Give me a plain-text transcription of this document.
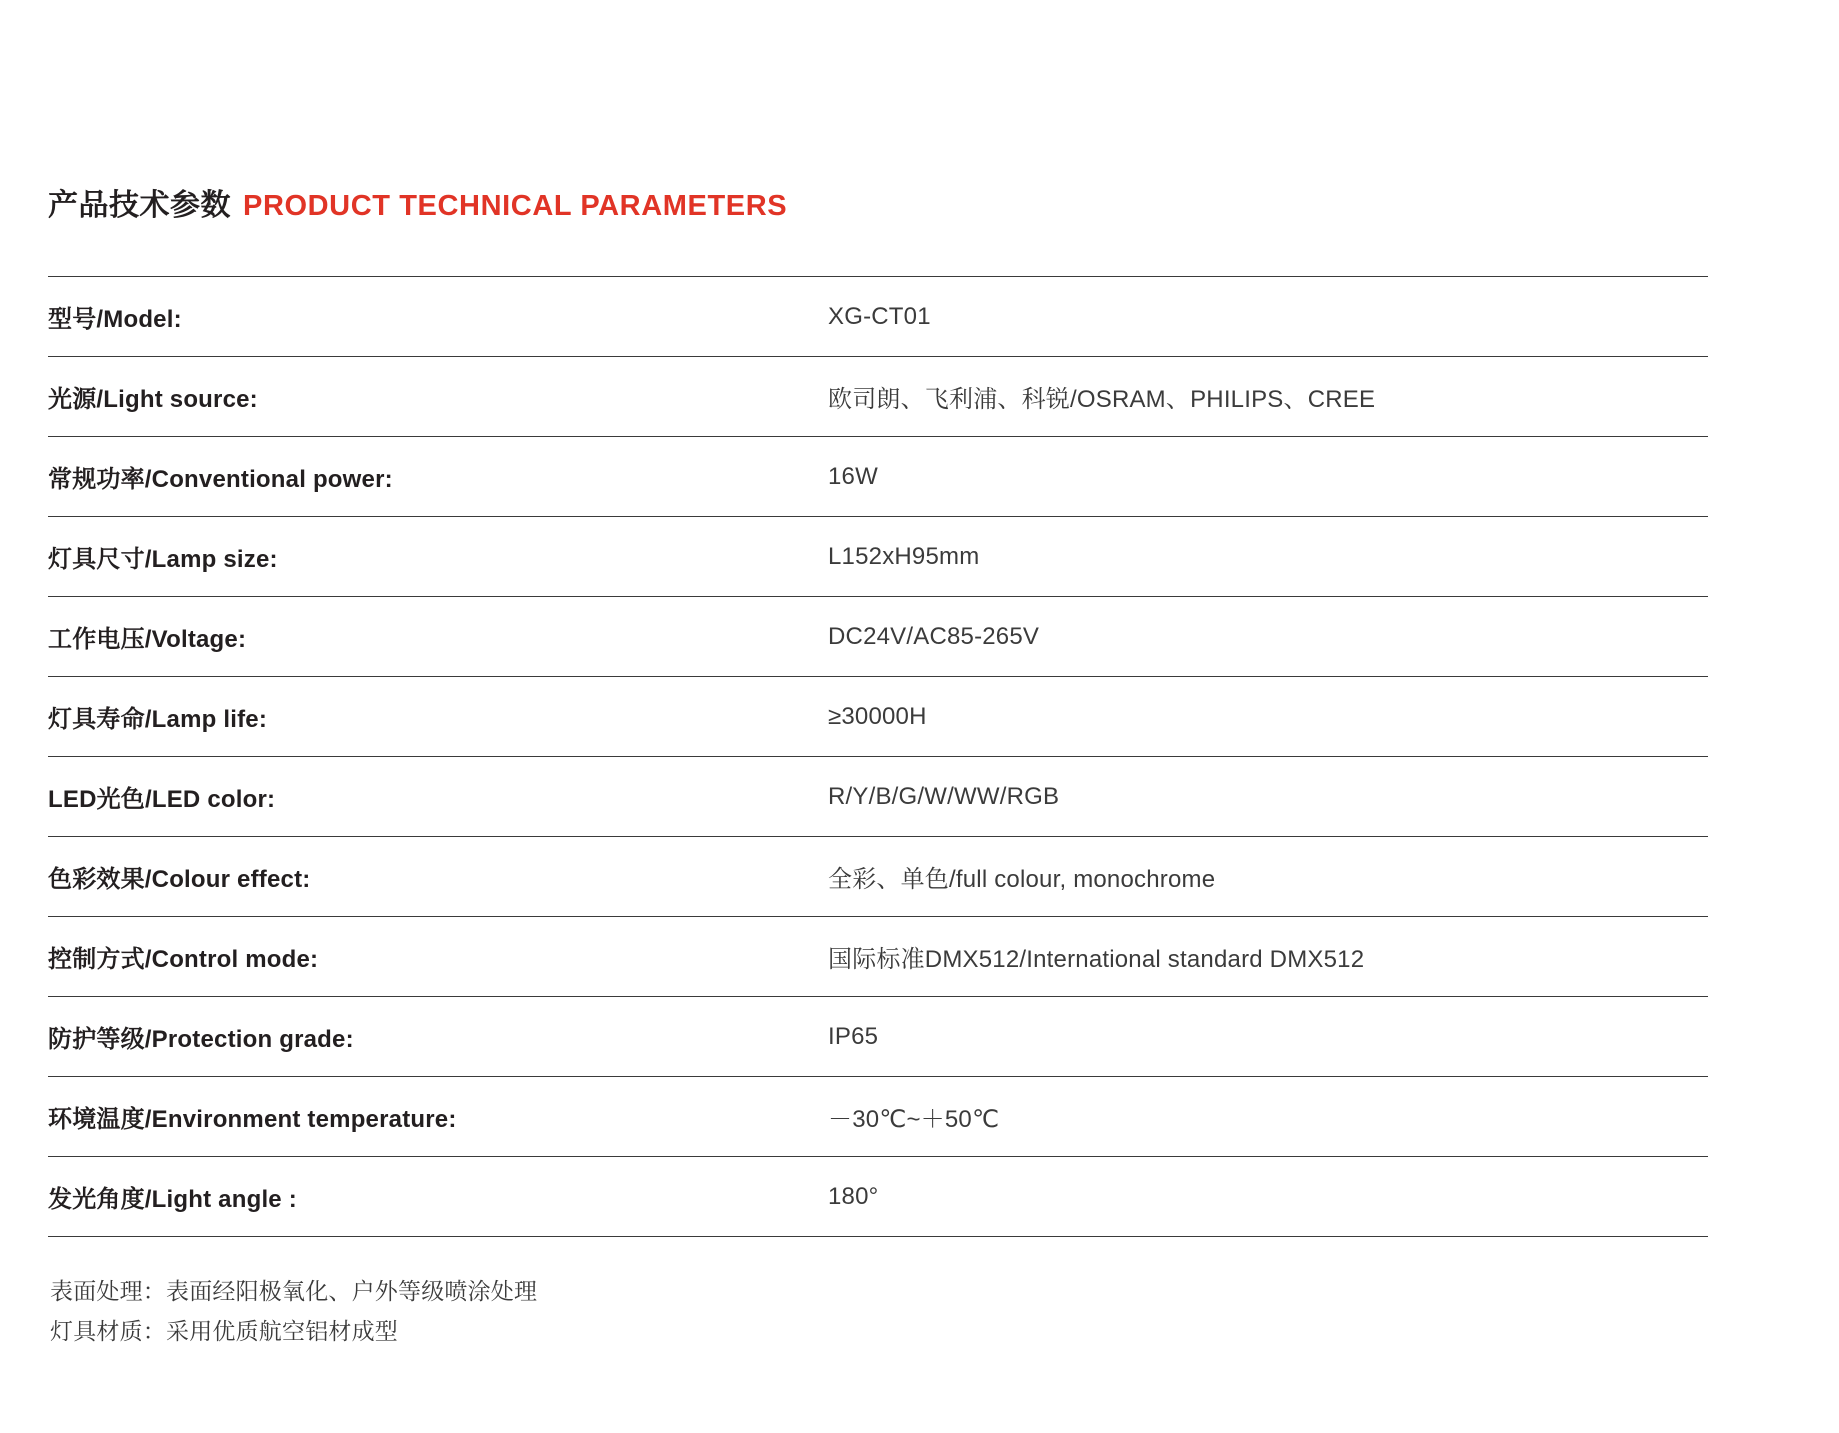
产品技术参数 PRODUCT TECHNICAL PARAMETERS
型号/Model:	XG-CT01
光源/Light source:	欧司朗、飞利浦、科锐/OSRAM、PHILIPS、CREE
常规功率/Conventional power:	16W
灯具尺寸/Lamp size:	L152xH95mm
工作电压/Voltage:	DC24V/AC85-265V
灯具寿命/Lamp life:	≥30000H
LED光色/LED color:	R/Y/B/G/W/WW/RGB
色彩效果/Colour effect:	全彩、单色/full colour, monochrome
控制方式/Control mode:	国际标准DMX512/International standard DMX512
防护等级/Protection grade:	IP65
环境温度/Environment temperature:	－30℃~＋50℃
发光角度/Light angle :	180°
表面处理：表面经阳极氧化、户外等级喷涂处理
灯具材质：采用优质航空铝材成型
